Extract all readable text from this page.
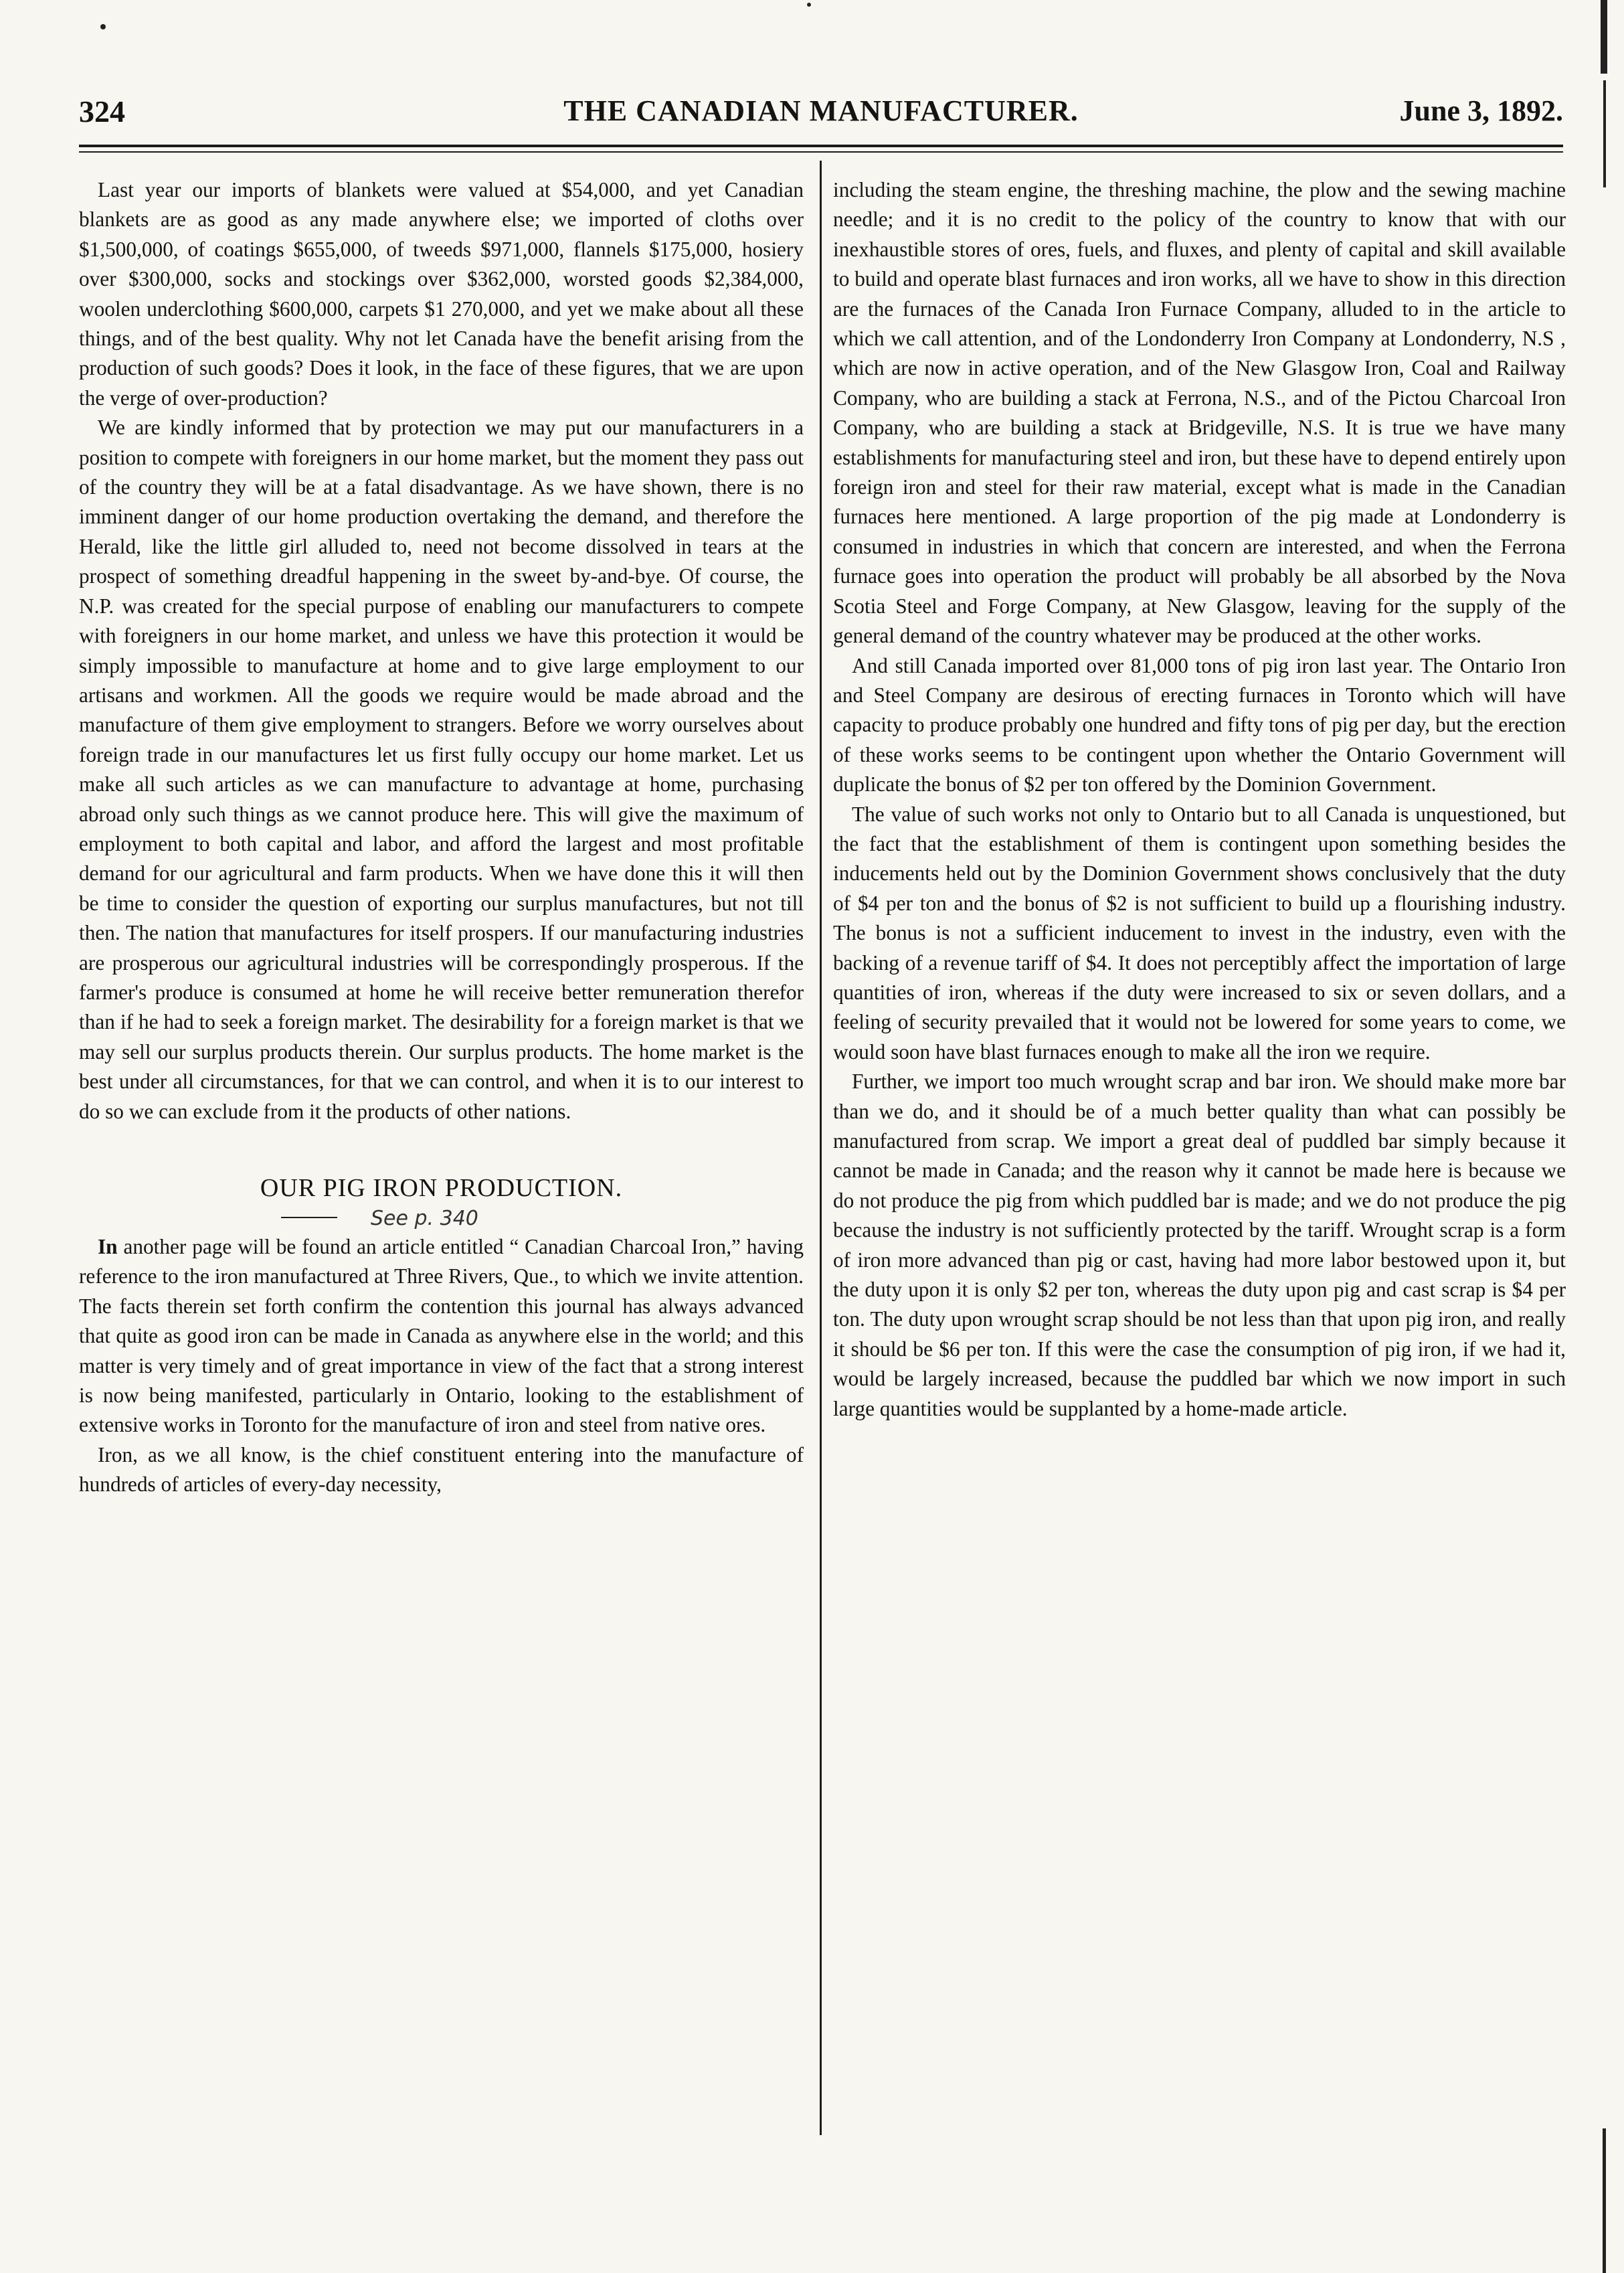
324	THE CANADIAN MANUFACTURER.	June 3, 1892.

Last year our imports of blankets were valued at $54,000, and yet Canadian blankets are as good as any made anywhere else; we imported of cloths over $1,500,000, of coatings $655,000, of tweeds $971,000, flannels $175,000, hosiery over $300,000, socks and stockings over $362,000, worsted goods $2,384,000, woolen underclothing $600,000, carpets $1 270,000, and yet we make about all these things, and of the best quality. Why not let Canada have the benefit arising from the production of such goods? Does it look, in the face of these figures, that we are upon the verge of over-production?

We are kindly informed that by protection we may put our manufacturers in a position to compete with foreigners in our home market, but the moment they pass out of the country they will be at a fatal disadvantage. As we have shown, there is no imminent danger of our home production overtaking the demand, and therefore the Herald, like the little girl alluded to, need not become dissolved in tears at the prospect of something dreadful happening in the sweet by-and-bye. Of course, the N.P. was created for the special purpose of enabling our manufacturers to compete with foreigners in our home market, and unless we have this protection it would be simply impossible to manufacture at home and to give large employment to our artisans and workmen. All the goods we require would be made abroad and the manufacture of them give employment to strangers. Before we worry ourselves about foreign trade in our manufactures let us first fully occupy our home market. Let us make all such articles as we can manufacture to advantage at home, purchasing abroad only such things as we cannot produce here. This will give the maximum of employment to both capital and labor, and afford the largest and most profitable demand for our agricultural and farm products. When we have done this it will then be time to consider the question of exporting our surplus manufactures, but not till then. The nation that manufactures for itself prospers. If our manufacturing industries are prosperous our agricultural industries will be correspondingly prosperous. If the farmer's produce is consumed at home he will receive better remuneration therefor than if he had to seek a foreign market. The desirability for a foreign market is that we may sell our surplus products therein. Our surplus products. The home market is the best under all circumstances, for that we can control, and when it is to our interest to do so we can exclude from it the products of other nations.

OUR PIG IRON PRODUCTION.
See p. 340

In another page will be found an article entitled “ Canadian Charcoal Iron,” having reference to the iron manufactured at Three Rivers, Que., to which we invite attention. The facts therein set forth confirm the contention this journal has always advanced that quite as good iron can be made in Canada as anywhere else in the world; and this matter is very timely and of great importance in view of the fact that a strong interest is now being manifested, particularly in Ontario, looking to the establishment of extensive works in Toronto for the manufacture of iron and steel from native ores.

Iron, as we all know, is the chief constituent entering into the manufacture of hundreds of articles of every-day necessity,

including the steam engine, the threshing machine, the plow and the sewing machine needle; and it is no credit to the policy of the country to know that with our inexhaustible stores of ores, fuels, and fluxes, and plenty of capital and skill available to build and operate blast furnaces and iron works, all we have to show in this direction are the furnaces of the Canada Iron Furnace Company, alluded to in the article to which we call attention, and of the Londonderry Iron Company at Londonderry, N.S , which are now in active operation, and of the New Glasgow Iron, Coal and Railway Company, who are building a stack at Ferrona, N.S., and of the Pictou Charcoal Iron Company, who are building a stack at Bridgeville, N.S. It is true we have many establishments for manufacturing steel and iron, but these have to depend entirely upon foreign iron and steel for their raw material, except what is made in the Canadian furnaces here mentioned. A large proportion of the pig made at Londonderry is consumed in industries in which that concern are interested, and when the Ferrona furnace goes into operation the product will probably be all absorbed by the Nova Scotia Steel and Forge Company, at New Glasgow, leaving for the supply of the general demand of the country whatever may be produced at the other works.

And still Canada imported over 81,000 tons of pig iron last year. The Ontario Iron and Steel Company are desirous of erecting furnaces in Toronto which will have capacity to produce probably one hundred and fifty tons of pig per day, but the erection of these works seems to be contingent upon whether the Ontario Government will duplicate the bonus of $2 per ton offered by the Dominion Government.

The value of such works not only to Ontario but to all Canada is unquestioned, but the fact that the establishment of them is contingent upon something besides the inducements held out by the Dominion Government shows conclusively that the duty of $4 per ton and the bonus of $2 is not sufficient to build up a flourishing industry. The bonus is not a sufficient inducement to invest in the industry, even with the backing of a revenue tariff of $4. It does not perceptibly affect the importation of large quantities of iron, whereas if the duty were increased to six or seven dollars, and a feeling of security prevailed that it would not be lowered for some years to come, we would soon have blast furnaces enough to make all the iron we require.

Further, we import too much wrought scrap and bar iron. We should make more bar than we do, and it should be of a much better quality than what can possibly be manufactured from scrap. We import a great deal of puddled bar simply because it cannot be made in Canada; and the reason why it cannot be made here is because we do not produce the pig from which puddled bar is made; and we do not produce the pig because the industry is not sufficiently protected by the tariff. Wrought scrap is a form of iron more advanced than pig or cast, having had more labor bestowed upon it, but the duty upon it is only $2 per ton, whereas the duty upon pig and cast scrap is $4 per ton. The duty upon wrought scrap should be not less than that upon pig iron, and really it should be $6 per ton. If this were the case the consumption of pig iron, if we had it, would be largely increased, because the puddled bar which we now import in such large quantities would be supplanted by a home-made article.
